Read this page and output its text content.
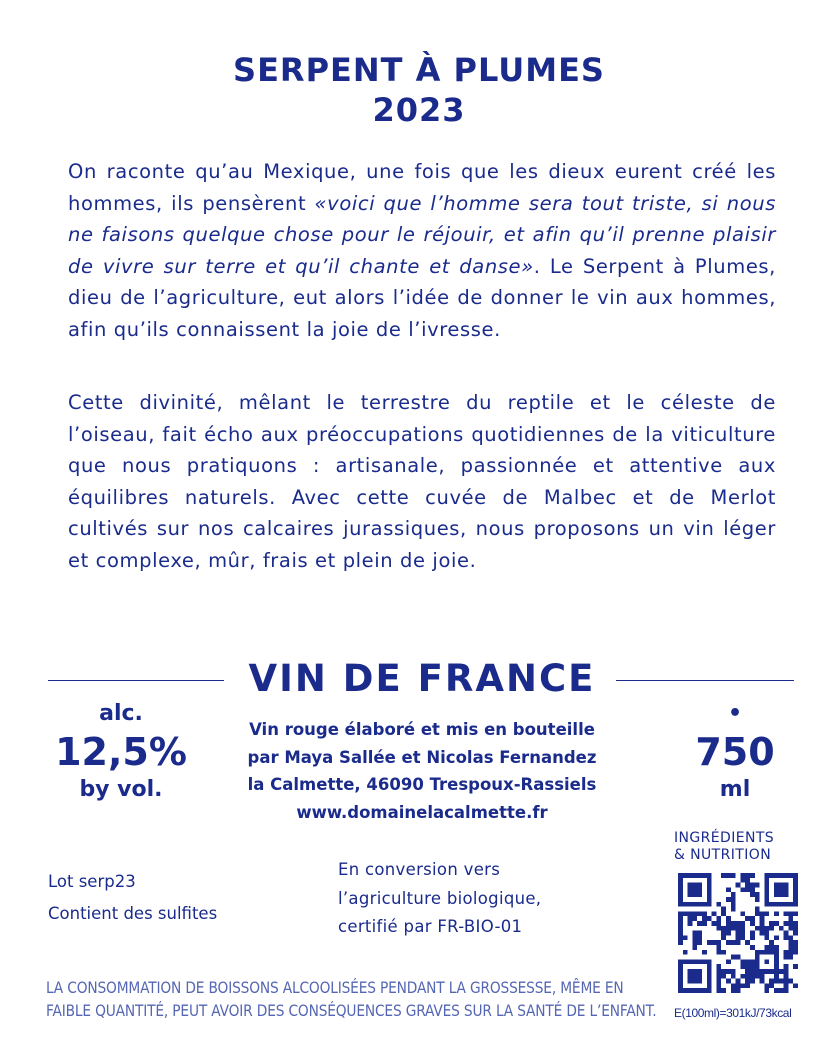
SERPENT À PLUMES
2023
On raconte qu’au Mexique, une fois que les dieux eurent créé les hommes, ils pensèrent «voici que l’homme sera tout triste, si nous ne faisons quelque chose pour le réjouir, et afin qu’il prenne plaisir de vivre sur terre et qu’il chante et danse». Le Serpent à Plumes, dieu de l’agriculture, eut alors l’idée de donner le vin aux hommes, afin qu’ils connaissent la joie de l’ivresse.
Cette divinité, mêlant le terrestre du reptile et le céleste de l’oiseau, fait écho aux préoccupations quotidiennes de la viticulture que nous pratiquons : artisanale, passionnée et attentive aux équilibres naturels. Avec cette cuvée de Malbec et de Merlot cultivés sur nos calcaires jurassiques, nous proposons un vin léger et complexe, mûr, frais et plein de joie.
VIN DE FRANCE
alc.
12,5%
by vol.
Vin rouge élaboré et mis en bouteille
par Maya Sallée et Nicolas Fernandez
la Calmette, 46090 Trespoux-Rassiels
www.domainelacalmette.fr
•
750
ml
Lot serp23
Contient des sulfites
En conversion vers
l’agriculture biologique,
certifié par FR-BIO-01
INGRÉDIENTS
& NUTRITION
E(100ml)=301kJ/73kcal
LA CONSOMMATION DE BOISSONS ALCOOLISÉES PENDANT LA GROSSESSE, MÊME EN
FAIBLE QUANTITÉ, PEUT AVOIR DES CONSÉQUENCES GRAVES SUR LA SANTÉ DE L’ENFANT.
